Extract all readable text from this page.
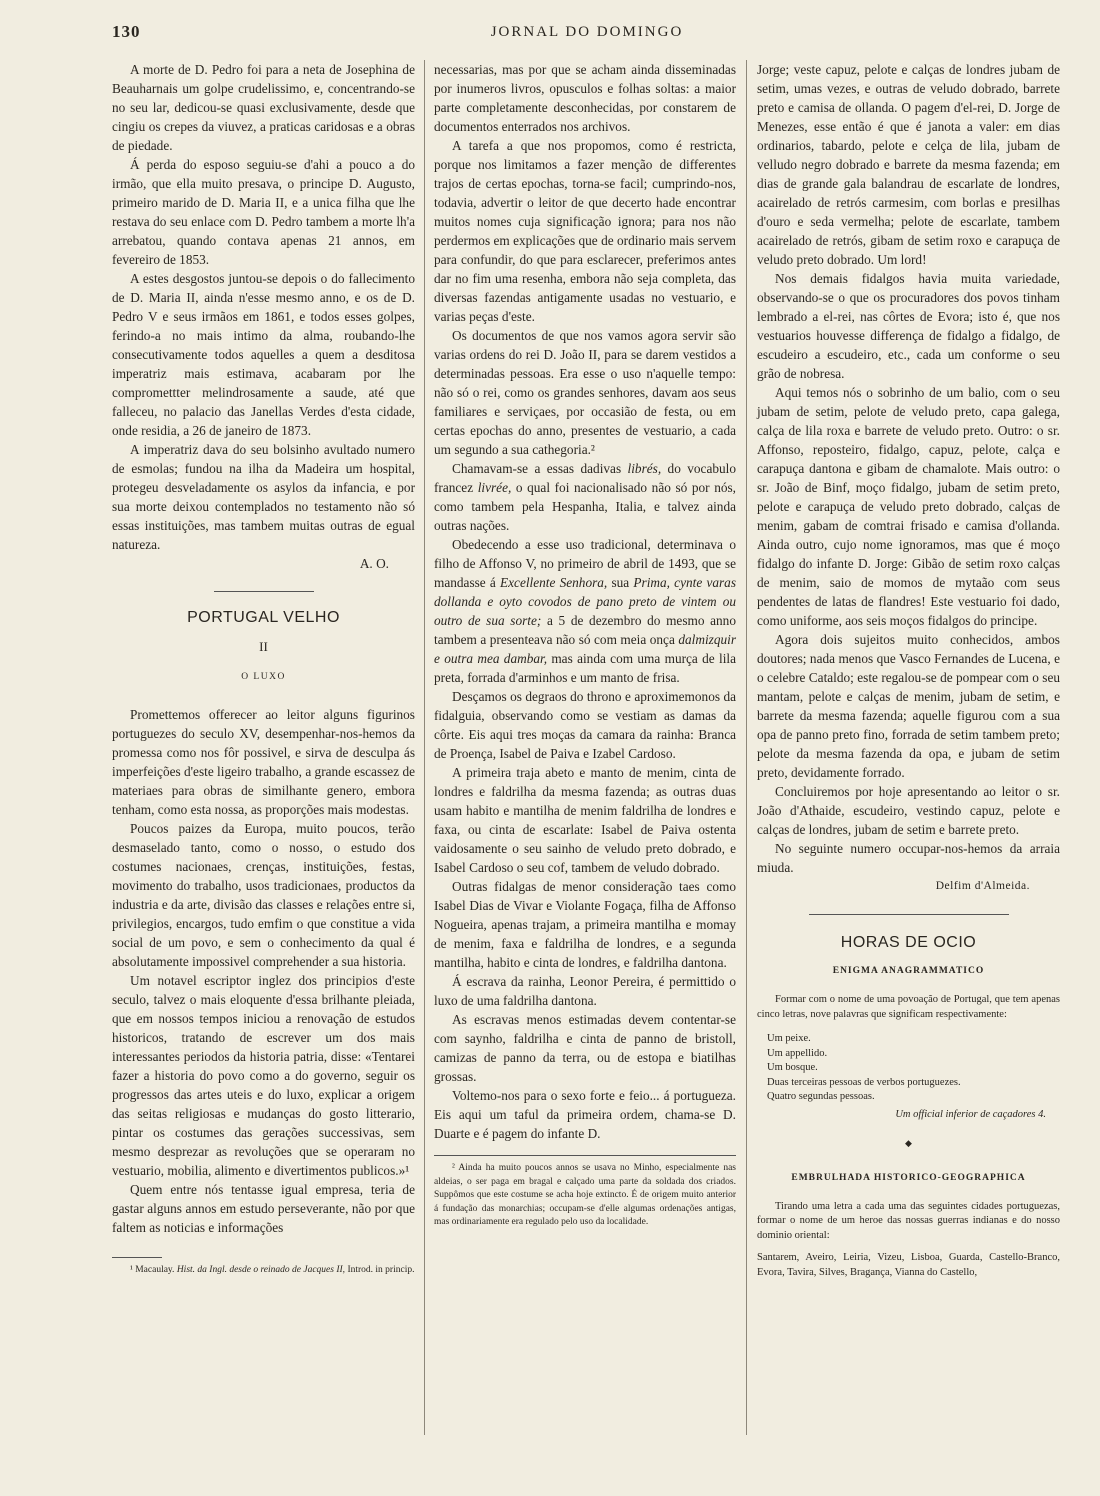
130	JORNAL DO DOMINGO

A morte de D. Pedro foi para a neta de Josephina de Beauharnais um golpe crudelissimo, e, concentrando-se no seu lar, dedicou-se quasi exclusivamente, desde que cingiu os crepes da viuvez, a praticas caridosas e a obras de piedade.

Á perda do esposo seguiu-se d'ahi a pouco a do irmão, que ella muito presava, o principe D. Augusto, primeiro marido de D. Maria II, e a unica filha que lhe restava do seu enlace com D. Pedro tambem a morte lh'a arrebatou, quando contava apenas 21 annos, em fevereiro de 1853.

A estes desgostos juntou-se depois o do fallecimento de D. Maria II, ainda n'esse mesmo anno, e os de D. Pedro V e seus irmãos em 1861, e todos esses golpes, ferindo-a no mais intimo da alma, roubando-lhe consecutivamente todos aquelles a quem a desditosa imperatriz mais estimava, acabaram por lhe compromettter melindrosamente a saude, até que falleceu, no palacio das Janellas Verdes d'esta cidade, onde residia, a 26 de janeiro de 1873.

A imperatriz dava do seu bolsinho avultado numero de esmolas; fundou na ilha da Madeira um hospital, protegeu desveladamente os asylos da infancia, e por sua morte deixou contemplados no testamento não só essas instituições, mas tambem muitas outras de egual natureza.

A. O.

PORTUGAL VELHO
II
O LUXO

Promettemos offerecer ao leitor alguns figurinos portuguezes do seculo XV, desempenhar-nos-hemos da promessa como nos fôr possivel, e sirva de desculpa ás imperfeições d'este ligeiro trabalho, a grande escassez de materiaes para obras de similhante genero, embora tenham, como esta nossa, as proporções mais modestas.

Poucos paizes da Europa, muito poucos, terão desmaselado tanto, como o nosso, o estudo dos costumes nacionaes, crenças, instituições, festas, movimento do trabalho, usos tradicionaes, productos da industria e da arte, divisão das classes e relações entre si, privilegios, encargos, tudo emfim o que constitue a vida social de um povo, e sem o conhecimento da qual é absolutamente impossivel comprehender a sua historia.

Um notavel escriptor inglez dos principios d'este seculo, talvez o mais eloquente d'essa brilhante pleiada, que em nossos tempos iniciou a renovação de estudos historicos, tratando de escrever um dos mais interessantes periodos da historia patria, disse: «Tentarei fazer a historia do povo como a do governo, seguir os progressos das artes uteis e do luxo, explicar a origem das seitas religiosas e mudanças do gosto litterario, pintar os costumes das gerações successivas, sem mesmo desprezar as revoluções que se operaram no vestuario, mobilia, alimento e divertimentos publicos.»¹

Quem entre nós tentasse igual empresa, teria de gastar alguns annos em estudo perseverante, não por que faltem as noticias e informações

¹ Macaulay. Hist. da Ingl. desde o reinado de Jacques II, Introd. in princip.

necessarias, mas por que se acham ainda disseminadas por inumeros livros, opusculos e folhas soltas: a maior parte completamente desconhecidas, por constarem de documentos enterrados nos archivos.

A tarefa a que nos propomos, como é restricta, porque nos limitamos a fazer menção de differentes trajos de certas epochas, torna-se facil; cumprindo-nos, todavia, advertir o leitor de que decerto hade encontrar muitos nomes cuja significação ignora; para nos não perdermos em explicações que de ordinario mais servem para confundir, do que para esclarecer, preferimos antes dar no fim uma resenha, embora não seja completa, das diversas fazendas antigamente usadas no vestuario, e varias peças d'este.

Os documentos de que nos vamos agora servir são varias ordens do rei D. João II, para se darem vestidos a determinadas pessoas. Era esse o uso n'aquelle tempo: não só o rei, como os grandes senhores, davam aos seus familiares e serviçaes, por occasião de festa, ou em certas epochas do anno, presentes de vestuario, a cada um segundo a sua cathegoria.²

Chamavam-se a essas dadivas librés, do vocabulo francez livrée, o qual foi nacionalisado não só por nós, como tambem pela Hespanha, Italia, e talvez ainda outras nações.

Obedecendo a esse uso tradicional, determinava o filho de Affonso V, no primeiro de abril de 1493, que se mandasse á Excellente Senhora, sua Prima, cynte varas dollanda e oyto covodos de pano preto de vintem ou outro de sua sorte; a 5 de dezembro do mesmo anno tambem a presenteava não só com meia onça dalmizquir e outra mea dambar, mas ainda com uma murça de lila preta, forrada d'arminhos e um manto de frisa.

Desçamos os degraos do throno e aproximemonos da fidalguia, observando como se vestiam as damas da côrte. Eis aqui tres moças da camara da rainha: Branca de Proença, Isabel de Paiva e Izabel Cardoso.

A primeira traja abeto e manto de menim, cinta de londres e faldrilha da mesma fazenda; as outras duas usam habito e mantilha de menim faldrilha de londres e faxa, ou cinta de escarlate: Isabel de Paiva ostenta vaidosamente o seu sainho de veludo preto dobrado, e Isabel Cardoso o seu cof, tambem de veludo dobrado.

Outras fidalgas de menor consideração taes como Isabel Dias de Vivar e Violante Fogaça, filha de Affonso Nogueira, apenas trajam, a primeira mantilha e momay de menim, faxa e faldrilha de londres, e a segunda mantilha, habito e cinta de londres, e faldrilha dantona.

Á escrava da rainha, Leonor Pereira, é permittido o luxo de uma faldrilha dantona.

As escravas menos estimadas devem contentar-se com saynho, faldrilha e cinta de panno de bristoll, camizas de panno da terra, ou de estopa e biatilhas grossas.

Voltemo-nos para o sexo forte e feio... á portugueza. Eis aqui um taful da primeira ordem, chama-se D. Duarte e é pagem do infante D.

² Ainda ha muito poucos annos se usava no Minho, especialmente nas aldeias, o ser paga em bragal e calçado uma parte da soldada dos criados. Suppômos que este costume se acha hoje extincto. É de origem muito anterior á fundação das monarchias; occupam-se d'elle algumas ordenações antigas, mas ordinariamente era regulado pelo uso da localidade.

Jorge; veste capuz, pelote e calças de londres jubam de setim, umas vezes, e outras de veludo dobrado, barrete preto e camisa de ollanda. O pagem d'el-rei, D. Jorge de Menezes, esse então é que é janota a valer: em dias ordinarios, tabardo, pelote e celça de lila, jubam de velludo negro dobrado e barrete da mesma fazenda; em dias de grande gala balandrau de escarlate de londres, acairelado de retrós carmesim, com borlas e presilhas d'ouro e seda vermelha; pelote de escarlate, tambem acairelado de retrós, gibam de setim roxo e carapuça de veludo preto dobrado. Um lord!

Nos demais fidalgos havia muita variedade, observando-se o que os procuradores dos povos tinham lembrado a el-rei, nas côrtes de Evora; isto é, que nos vestuarios houvesse differença de fidalgo a fidalgo, de escudeiro a escudeiro, etc., cada um conforme o seu grão de nobresa.

Aqui temos nós o sobrinho de um balio, com o seu jubam de setim, pelote de veludo preto, capa galega, calça de lila roxa e barrete de veludo preto. Outro: o sr. Affonso, reposteiro, fidalgo, capuz, pelote, calça e carapuça dantona e gibam de chamalote. Mais outro: o sr. João de Binf, moço fidalgo, jubam de setim preto, pelote e carapuça de veludo preto dobrado, calças de menim, gabam de comtrai frisado e camisa d'ollanda. Ainda outro, cujo nome ignoramos, mas que é moço fidalgo do infante D. Jorge: Gibão de setim roxo calças de menim, saio de momos de mytaão com seus pendentes de latas de flandres! Este vestuario foi dado, como uniforme, aos seis moços fidalgos do principe.

Agora dois sujeitos muito conhecidos, ambos doutores; nada menos que Vasco Fernandes de Lucena, e o celebre Cataldo; este regalou-se de pompear com o seu mantam, pelote e calças de menim, jubam de setim, e barrete da mesma fazenda; aquelle figurou com a sua opa de panno preto fino, forrada de setim tambem preto; pelote da mesma fazenda da opa, e jubam de setim preto, devidamente forrado.

Concluiremos por hoje apresentando ao leitor o sr. João d'Athaide, escudeiro, vestindo capuz, pelote e calças de londres, jubam de setim e barrete preto.

No seguinte numero occupar-nos-hemos da arraia miuda.

Delfim d'Almeida.

HORAS DE OCIO
ENIGMA ANAGRAMMATICO

Formar com o nome de uma povoação de Portugal, que tem apenas cinco letras, nove palavras que significam respectivamente:

Um peixe.
Um appellido.
Um bosque.
Duas terceiras pessoas de verbos portuguezes.
Quatro segundas pessoas.

Um official inferior de caçadores 4.

◆
EMBRULHADA HISTORICO-GEOGRAPHICA

Tirando uma letra a cada uma das seguintes cidades portuguezas, formar o nome de um heroe das nossas guerras indianas e do nosso dominio oriental:

Santarem, Aveiro, Leiria, Vizeu, Lisboa, Guarda, Castello-Branco, Evora, Tavira, Silves, Bragança, Vianna do Castello,
